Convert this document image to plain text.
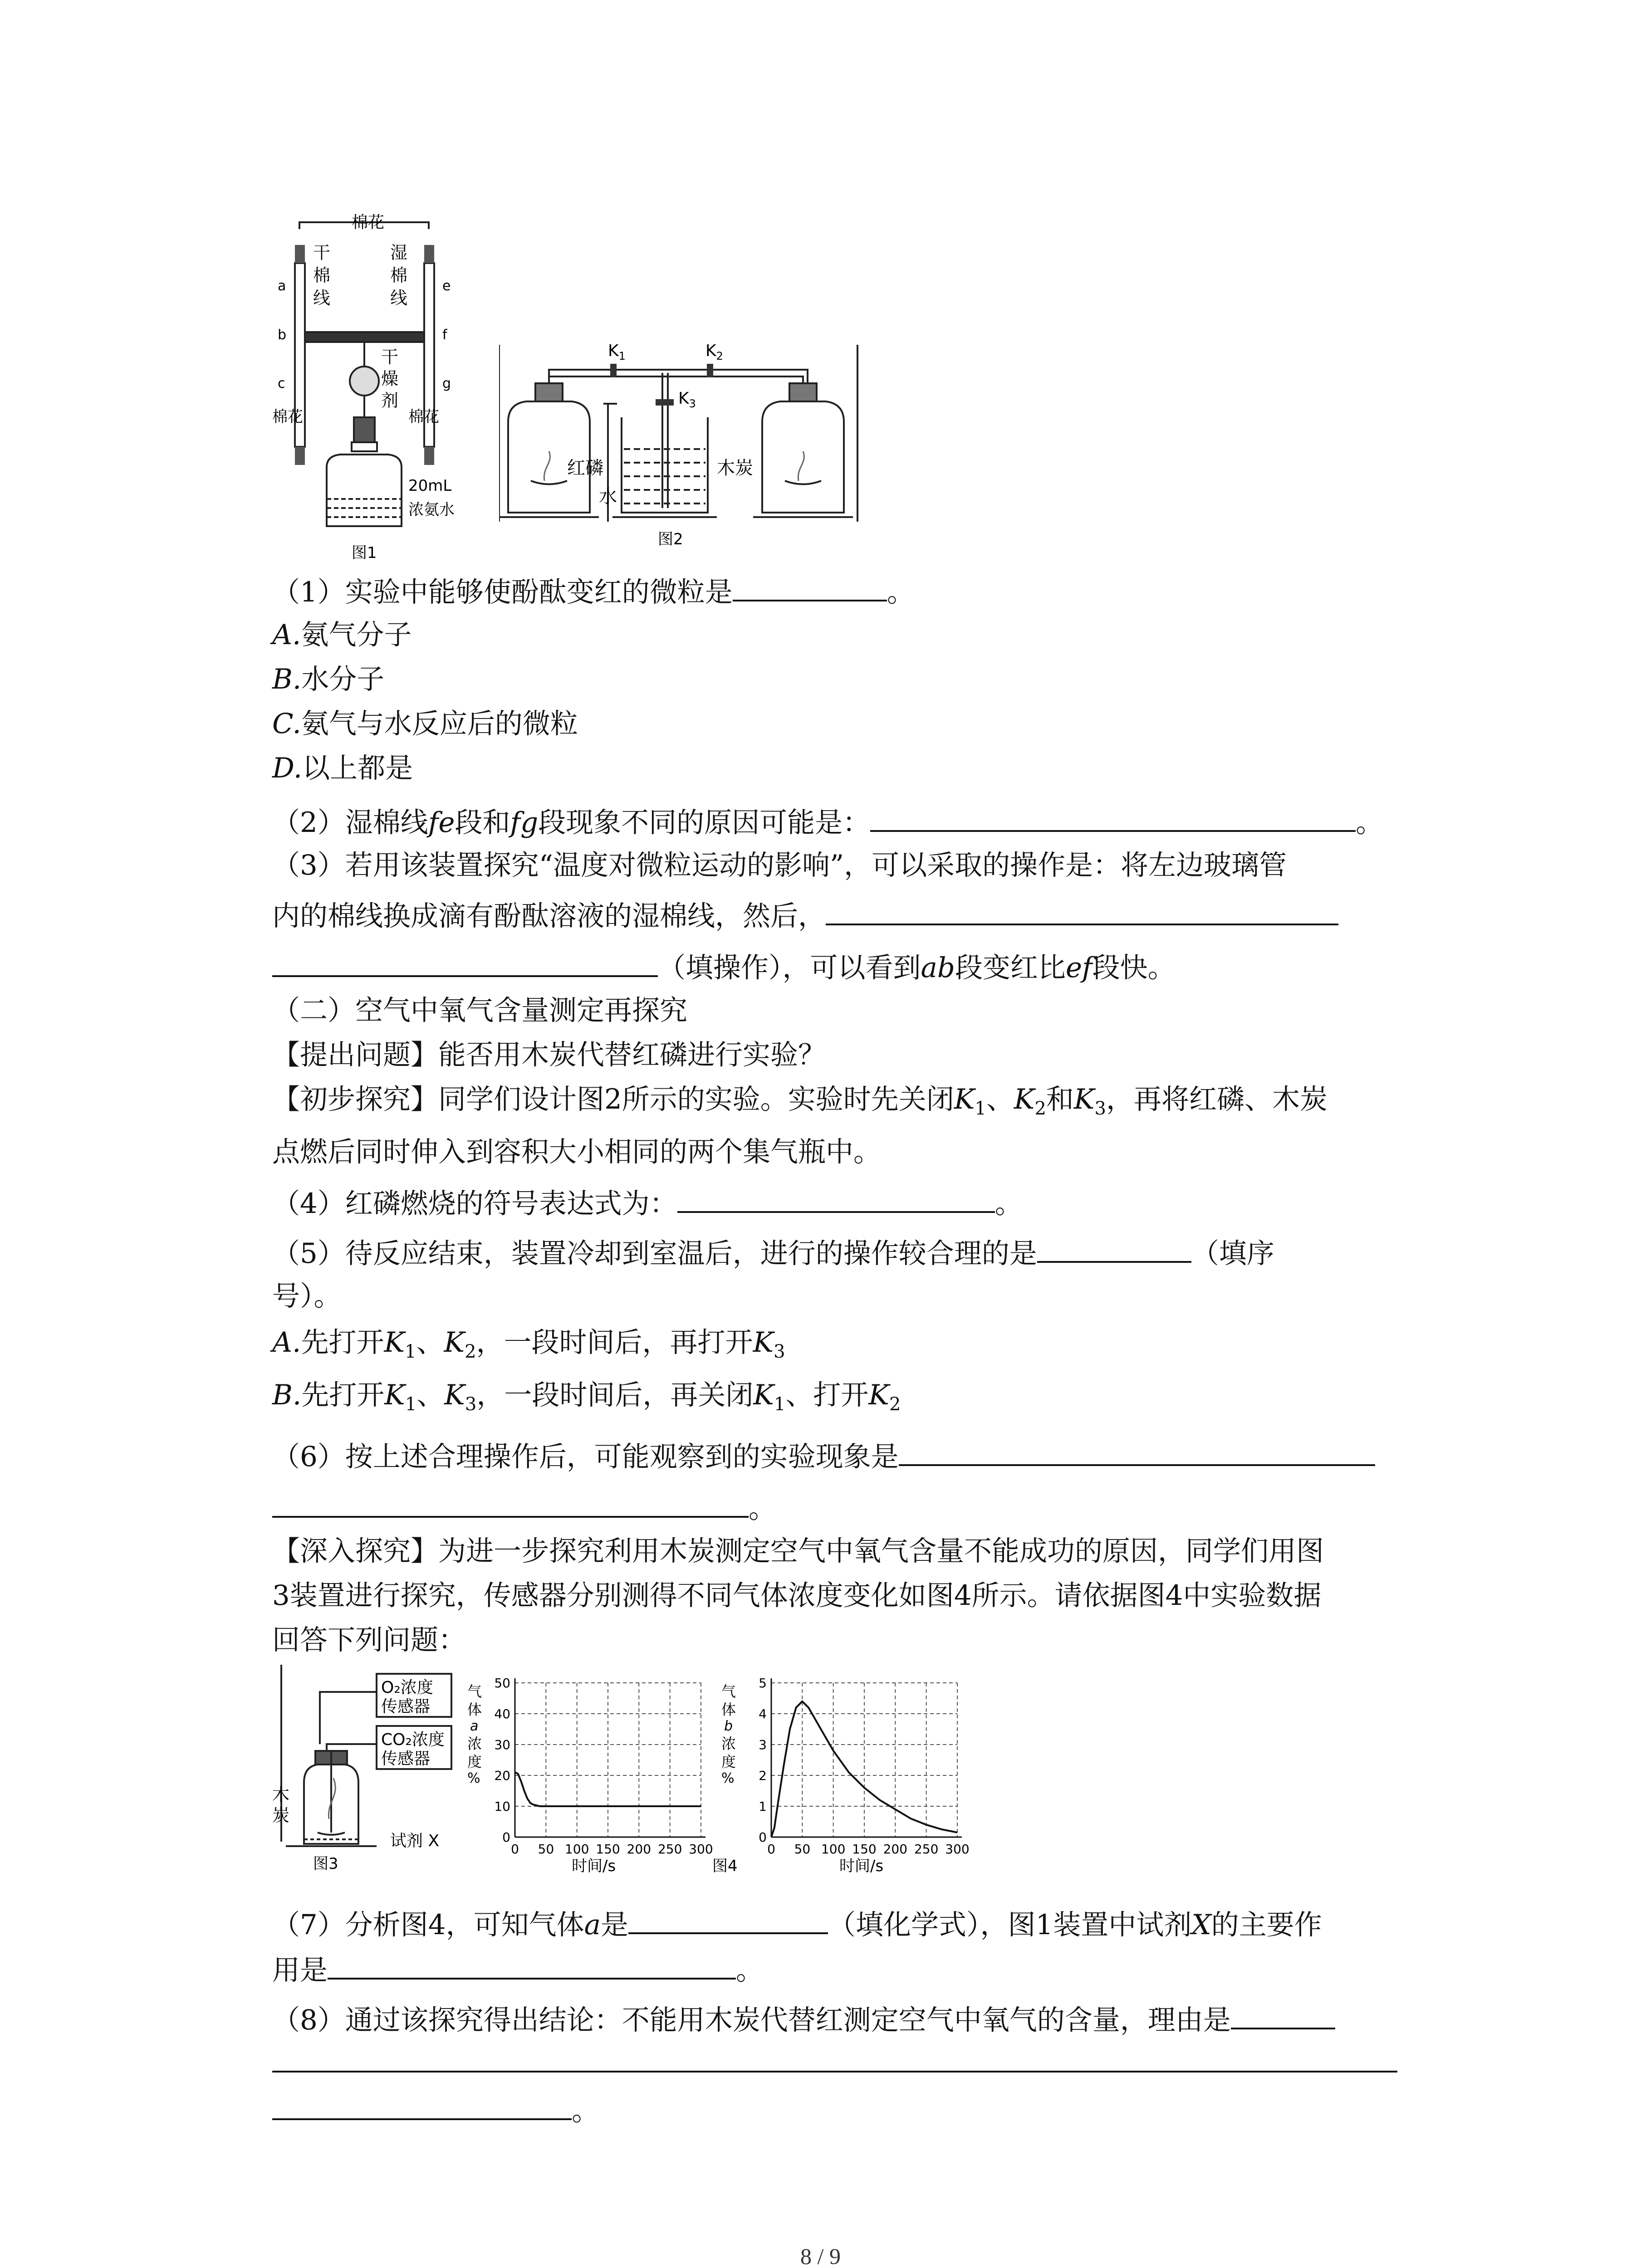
棉花
干
棉
线
湿
棉
线
a
b
c
e
f
g
干
燥
剂
棉花	棉花
20mL
浓氨水
图1
$K_1$	$K_2$
$K_3$
红磷
水
木炭
图2
（1）实验中能够使酚酞变红的微粒是	。
A.氨气分子
B.水分子
C.氨气与水反应后的微粒
D.以上都是
（2）湿棉线fe段和fg段现象不同的原因可能是：	。
（3）若用该装置探究“温度对微粒运动的影响”，可以采取的操作是：将左边玻璃管
内的棉线换成滴有酚酞溶液的湿棉线，然后，
（填操作），可以看到ab段变红比ef段快。
（二）空气中氧气含量测定再探究
【提出问题】能否用木炭代替红磷进行实验？
【初步探究】同学们设计图2所示的实验。实验时先关闭$K_1$、$K_2$和$K_3$，再将红磷、木炭
点燃后同时伸入到容积大小相同的两个集气瓶中。
（4）红磷燃烧的符号表达式为：	。
（5）待反应结束，装置冷却到室温后，进行的操作较合理的是	（填序
号）。
A.先打开$K_1$、$K_2$，一段时间后，再打开$K_3$
B.先打开$K_1$、$K_3$，一段时间后，再关闭$K_1$、打开$K_2$
（6）按上述合理操作后，可能观察到的实验现象是
。
【深入探究】为进一步探究利用木炭测定空气中氧气含量不能成功的原因，同学们用图
3装置进行探究，传感器分别测得不同气体浓度变化如图4所示。请依据图4中实验数据
回答下列问题：
O₂浓度
传感器
CO₂浓度
传感器
木
炭
试剂 X
图3
0 50 100 150 200 250 300
0
10
20
30
40
50
0 50 100 150 200 250 300
0
1
2
3
4
5
气
体
a
浓
度
%
气
体
b
浓
度
%
时间/s	时间/s
图4
（7）分析图4，可知气体a是	（填化学式），图1装置中试剂X的主要作
用是	。
（8）通过该探究得出结论：不能用木炭代替红测定空气中氧气的含量，理由是
。
8 / 9
